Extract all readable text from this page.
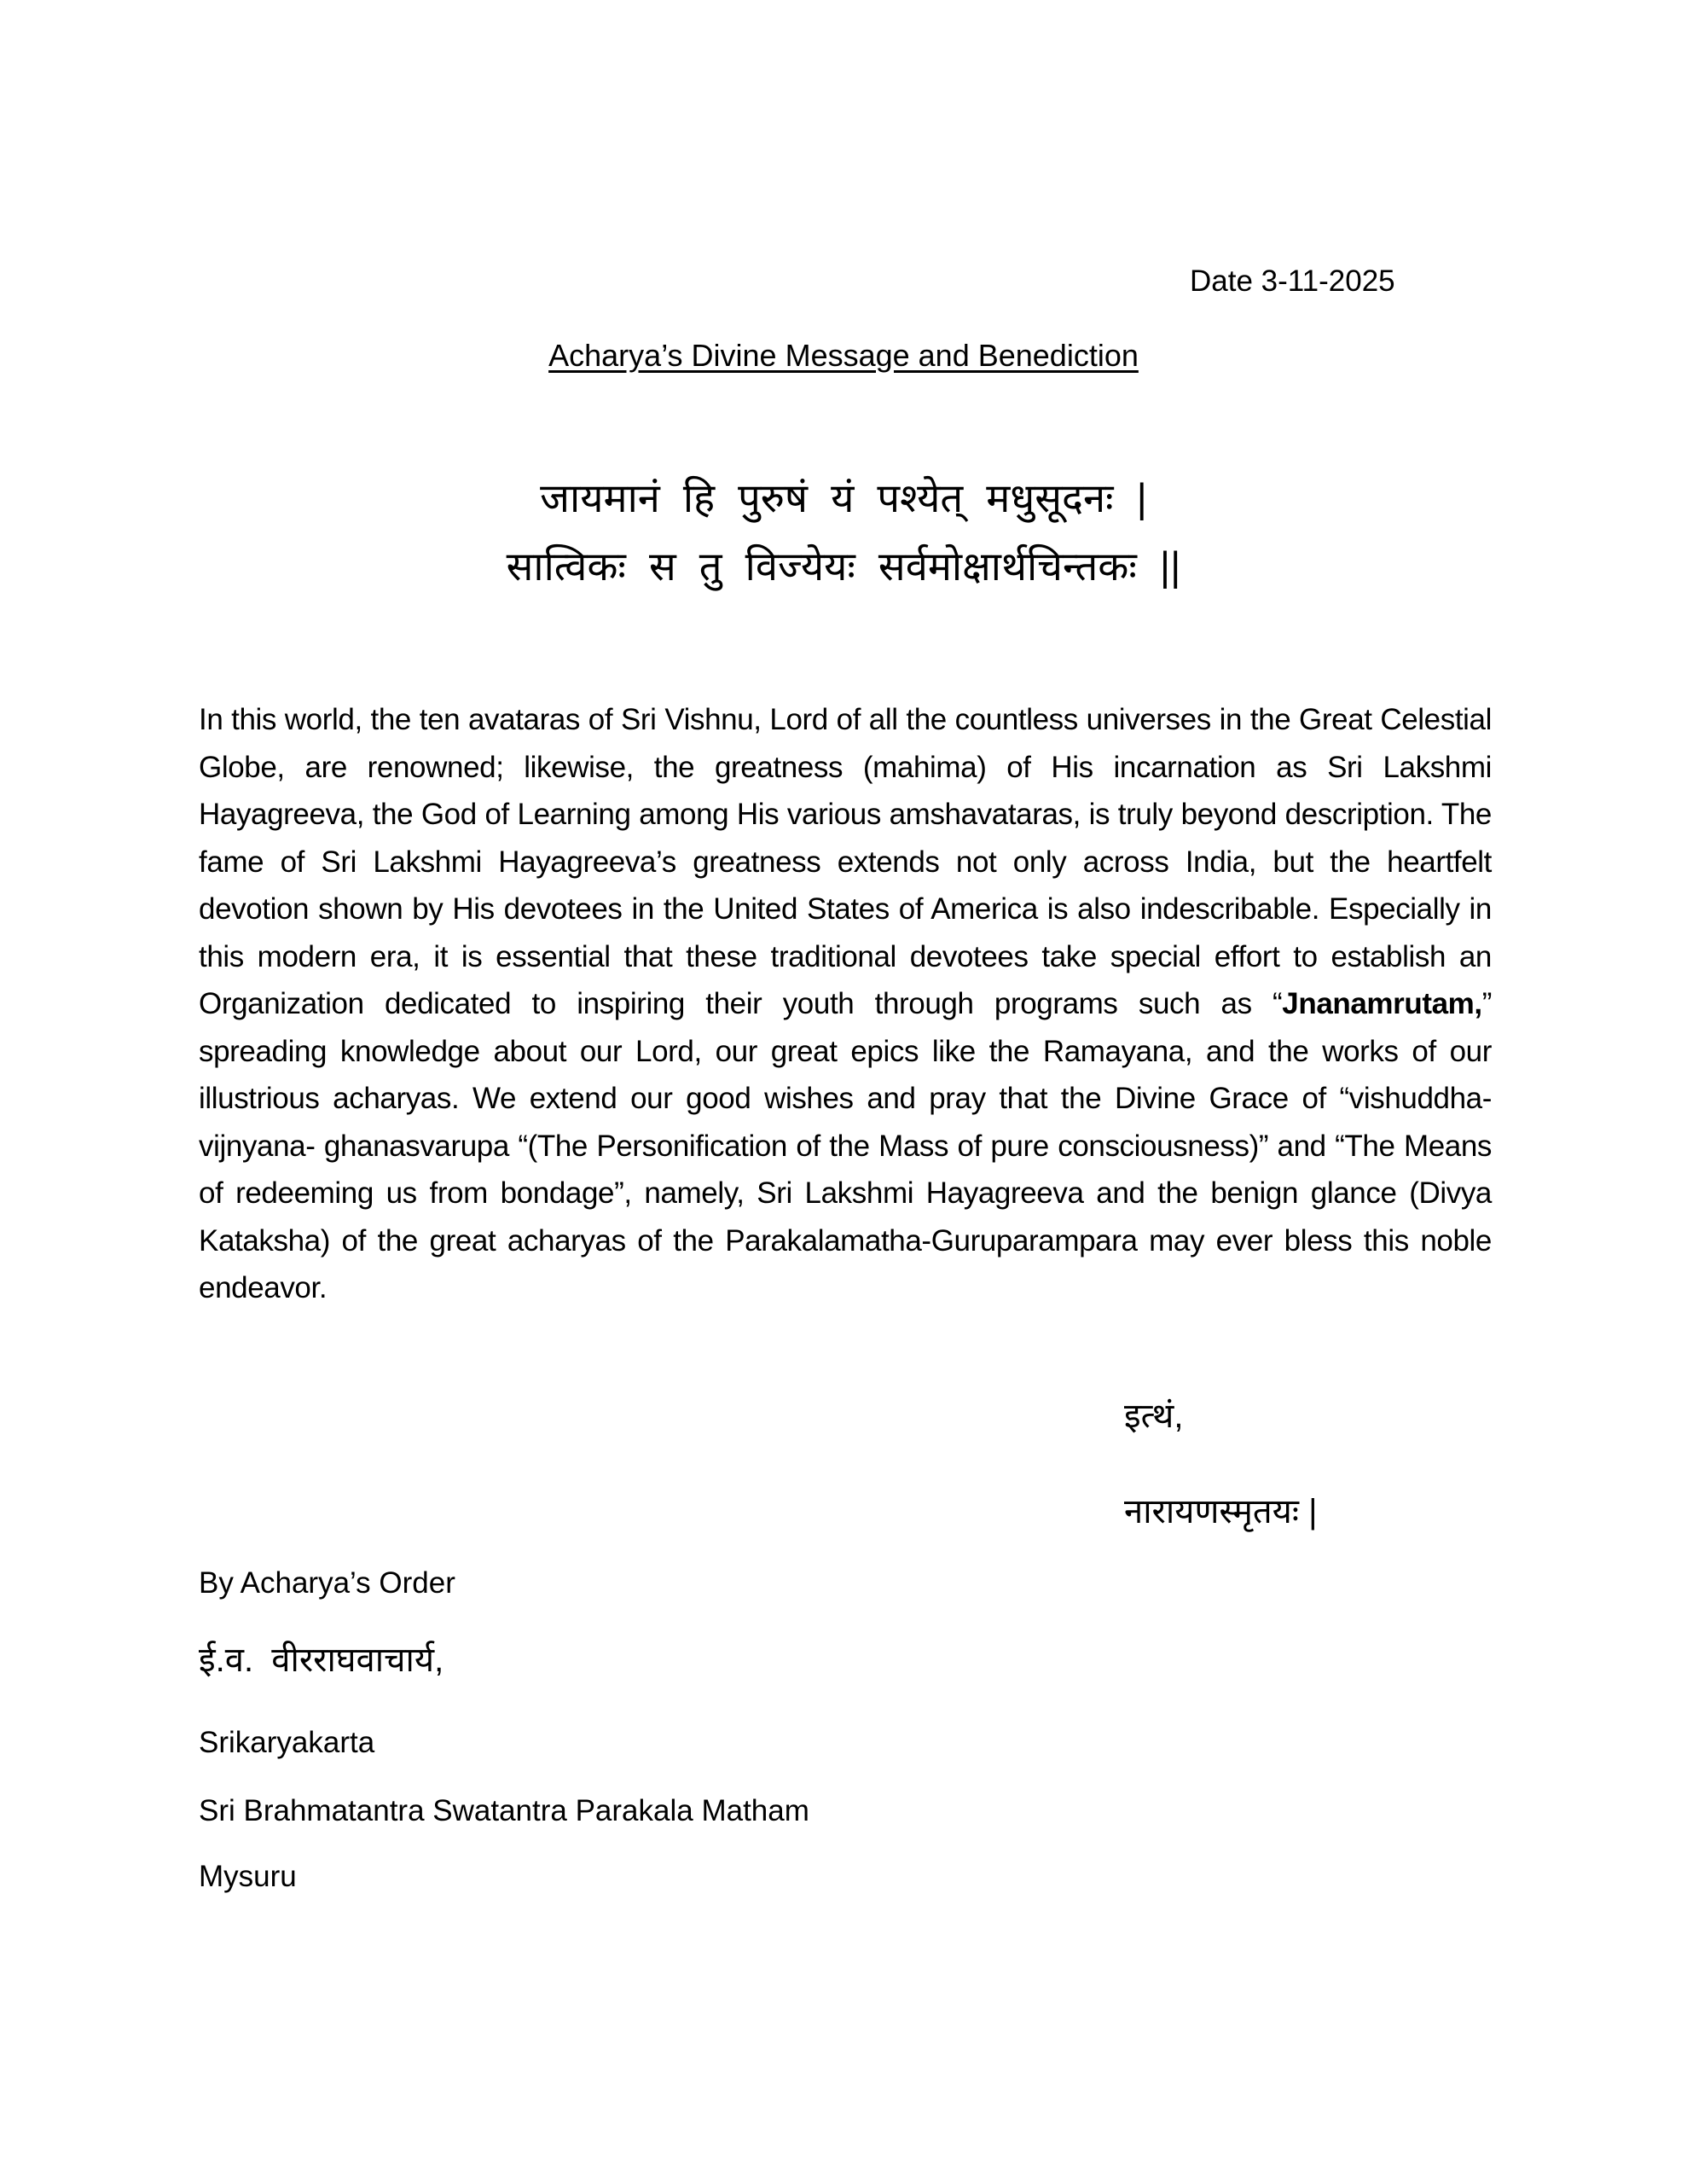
Date 3-11-2025
Acharya’s Divine Message and Benediction
जायमानं हि पुरुषं यं पश्येत् मधुसूदनः |
सात्विकः स तु विज्येयः सर्वमोक्षार्थचिन्तकः ||
In this world, the ten avataras of Sri Vishnu, Lord of all the countless universes in the Great Celestial Globe, are renowned; likewise, the greatness (mahima) of His incarnation as Sri Lakshmi Hayagreeva, the God of Learning among His various amshavataras, is truly beyond description. The fame of Sri Lakshmi Hayagreeva’s greatness extends not only across India, but the heartfelt devotion shown by His devotees in the United States of America is also indescribable. Especially in this modern era, it is essential that these traditional devotees take special effort to establish an Organization dedicated to inspiring their youth through programs such as “Jnanamrutam,” spreading knowledge about our Lord, our great epics like the Ramayana, and the works of our illustrious acharyas. We extend our good wishes and pray that the Divine Grace of “vishuddha- vijnyana- ghanasvarupa “(The Personification of the Mass of pure consciousness)” and “The Means of redeeming us from bondage”, namely, Sri Lakshmi Hayagreeva and the benign glance (Divya Kataksha) of the great acharyas of the Parakalamatha-Guruparampara may ever bless this noble endeavor.
इत्थं,
नारायणस्मृतयः |
By Acharya’s Order
ई.व. वीरराघवाचार्य,
Srikaryakarta
Sri Brahmatantra Swatantra Parakala Matham
Mysuru
